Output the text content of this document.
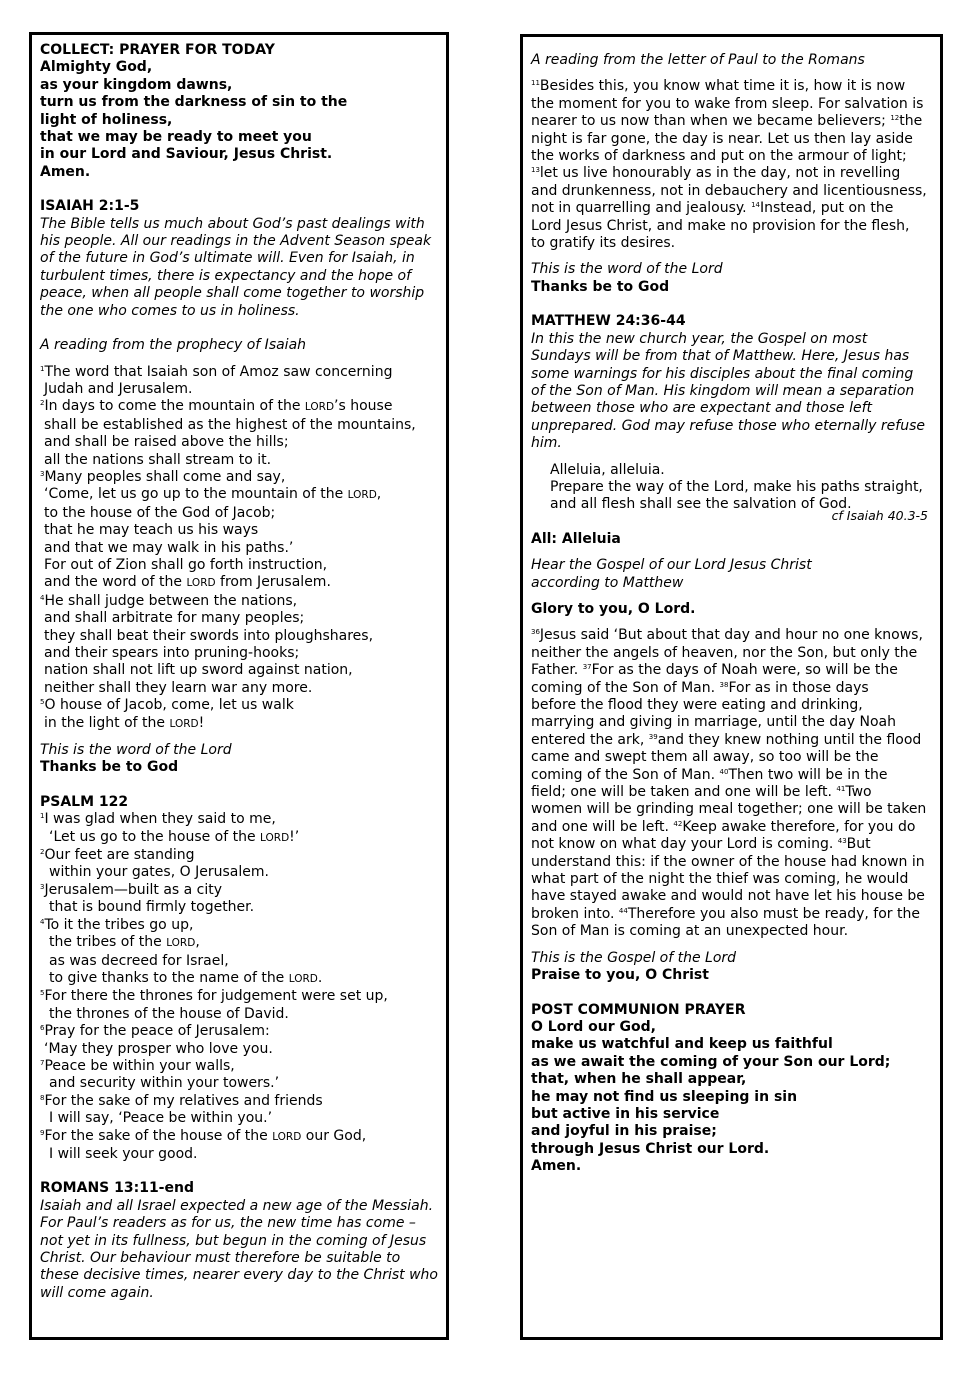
COLLECT: PRAYER FOR TODAY
Almighty God,
as your kingdom dawns,
turn us from the darkness of sin to the
light of holiness,
that we may be ready to meet you
in our Lord and Saviour, Jesus Christ.
Amen.
ISAIAH 2:1-5
The Bible tells us much about God’s past dealings with
his people. All our readings in the Advent Season speak
of the future in God’s ultimate will. Even for Isaiah, in
turbulent times, there is expectancy and the hope of
peace, when all people shall come together to worship
the one who comes to us in holiness.
A reading from the prophecy of Isaiah
$^1$The word that Isaiah son of Amoz saw concerning
Judah and Jerusalem.
$^2$In days to come the mountain of the LORD’s house
shall be established as the highest of the mountains,
and shall be raised above the hills;
all the nations shall stream to it.
$^3$Many peoples shall come and say,
‘Come, let us go up to the mountain of the LORD,
to the house of the God of Jacob;
that he may teach us his ways
and that we may walk in his paths.’
For out of Zion shall go forth instruction,
and the word of the LORD from Jerusalem.
$^4$He shall judge between the nations,
and shall arbitrate for many peoples;
they shall beat their swords into ploughshares,
and their spears into pruning-hooks;
nation shall not lift up sword against nation,
neither shall they learn war any more.
$^5$O house of Jacob, come, let us walk
in the light of the LORD!
This is the word of the Lord
Thanks be to God
PSALM 122
$^1$I was glad when they said to me,
‘Let us go to the house of the LORD!’
$^2$Our feet are standing
within your gates, O Jerusalem.
$^3$Jerusalem—built as a city
that is bound firmly together.
$^4$To it the tribes go up,
the tribes of the LORD,
as was decreed for Israel,
to give thanks to the name of the LORD.
$^5$For there the thrones for judgement were set up,
the thrones of the house of David.
$^6$Pray for the peace of Jerusalem:
‘May they prosper who love you.
$^7$Peace be within your walls,
and security within your towers.’
$^8$For the sake of my relatives and friends
I will say, ‘Peace be within you.’
$^9$For the sake of the house of the LORD our God,
I will seek your good.
ROMANS 13:11-end
Isaiah and all Israel expected a new age of the Messiah.
For Paul’s readers as for us, the new time has come –
not yet in its fullness, but begun in the coming of Jesus
Christ. Our behaviour must therefore be suitable to
these decisive times, nearer every day to the Christ who
will come again.
A reading from the letter of Paul to the Romans
$^{11}$Besides this, you know what time it is, how it is now
the moment for you to wake from sleep. For salvation is
nearer to us now than when we became believers; $^{12}$the
night is far gone, the day is near. Let us then lay aside
the works of darkness and put on the armour of light;
$^{13}$let us live honourably as in the day, not in revelling
and drunkenness, not in debauchery and licentiousness,
not in quarrelling and jealousy. $^{14}$Instead, put on the
Lord Jesus Christ, and make no provision for the flesh,
to gratify its desires.
This is the word of the Lord
Thanks be to God
MATTHEW 24:36-44
In this the new church year, the Gospel on most
Sundays will be from that of Matthew. Here, Jesus has
some warnings for his disciples about the final coming
of the Son of Man. His kingdom will mean a separation
between those who are expectant and those left
unprepared. God may refuse those who eternally refuse
him.
Alleluia, alleluia.
Prepare the way of the Lord, make his paths straight,
and all flesh shall see the salvation of God.
cf Isaiah 40.3-5
All: Alleluia
Hear the Gospel of our Lord Jesus Christ
according to Matthew
Glory to you, O Lord.
$^{36}$Jesus said ‘But about that day and hour no one knows,
neither the angels of heaven, nor the Son, but only the
Father. $^{37}$For as the days of Noah were, so will be the
coming of the Son of Man. $^{38}$For as in those days
before the flood they were eating and drinking,
marrying and giving in marriage, until the day Noah
entered the ark, $^{39}$and they knew nothing until the flood
came and swept them all away, so too will be the
coming of the Son of Man. $^{40}$Then two will be in the
field; one will be taken and one will be left. $^{41}$Two
women will be grinding meal together; one will be taken
and one will be left. $^{42}$Keep awake therefore, for you do
not know on what day your Lord is coming. $^{43}$But
understand this: if the owner of the house had known in
what part of the night the thief was coming, he would
have stayed awake and would not have let his house be
broken into. $^{44}$Therefore you also must be ready, for the
Son of Man is coming at an unexpected hour.
This is the Gospel of the Lord
Praise to you, O Christ
POST COMMUNION PRAYER
O Lord our God,
make us watchful and keep us faithful
as we await the coming of your Son our Lord;
that, when he shall appear,
he may not find us sleeping in sin
but active in his service
and joyful in his praise;
through Jesus Christ our Lord.
Amen.
